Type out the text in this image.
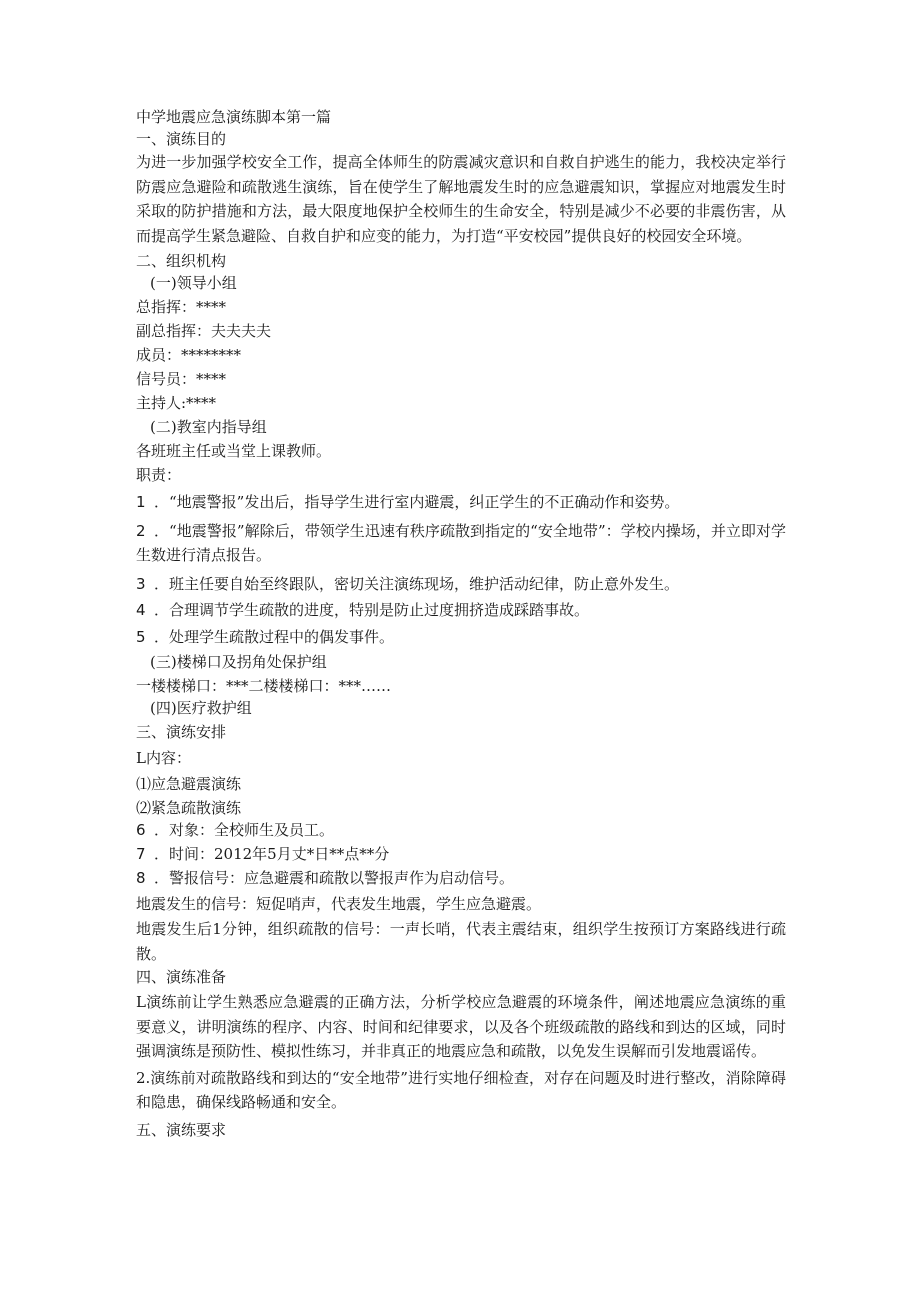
中学地震应急演练脚本第一篇

一、演练目的

为进一步加强学校安全工作，提高全体师生的防震减灾意识和自救自护逃生的能力，我校决定举行防震应急避险和疏散逃生演练，旨在使学生了解地震发生时的应急避震知识，掌握应对地震发生时采取的防护措施和方法，最大限度地保护全校师生的生命安全，特别是减少不必要的非震伤害，从而提高学生紧急避险、自救自护和应变的能力，为打造“平安校园”提供良好的校园安全环境。

二、组织机构

(一)领导小组

总指挥：****

副总指挥：夫夫夫夫

成员：********

信号员：****

主持人:****

(二)教室内指导组

各班班主任或当堂上课教师。

职责：

1 ．“地震警报”发出后，指导学生进行室内避震，纠正学生的不正确动作和姿势。

2 ．“地震警报”解除后，带领学生迅速有秩序疏散到指定的“安全地带”：学校内操场，并立即对学生数进行清点报告。

3 ．班主任要自始至终跟队，密切关注演练现场，维护活动纪律，防止意外发生。

4 ．合理调节学生疏散的进度，特别是防止过度拥挤造成踩踏事故。

5 ．处理学生疏散过程中的偶发事件。

(三)楼梯口及拐角处保护组

一楼楼梯口：***二楼楼梯口：***……

(四)医疗救护组

三、演练安排

L内容：

⑴应急避震演练

⑵紧急疏散演练

6 ．对象：全校师生及员工。

7 ．时间：2012年5月丈*日**点**分

8 ．警报信号：应急避震和疏散以警报声作为启动信号。

地震发生的信号：短促哨声，代表发生地震，学生应急避震。

地震发生后1分钟，组织疏散的信号：一声长哨，代表主震结束，组织学生按预订方案路线进行疏散。

四、演练准备

L演练前让学生熟悉应急避震的正确方法，分析学校应急避震的环境条件，阐述地震应急演练的重要意义，讲明演练的程序、内容、时间和纪律要求，以及各个班级疏散的路线和到达的区域，同时强调演练是预防性、模拟性练习，并非真正的地震应急和疏散，以免发生误解而引发地震谣传。

2.演练前对疏散路线和到达的“安全地带”进行实地仔细检查，对存在问题及时进行整改，消除障碍和隐患，确保线路畅通和安全。

五、演练要求
